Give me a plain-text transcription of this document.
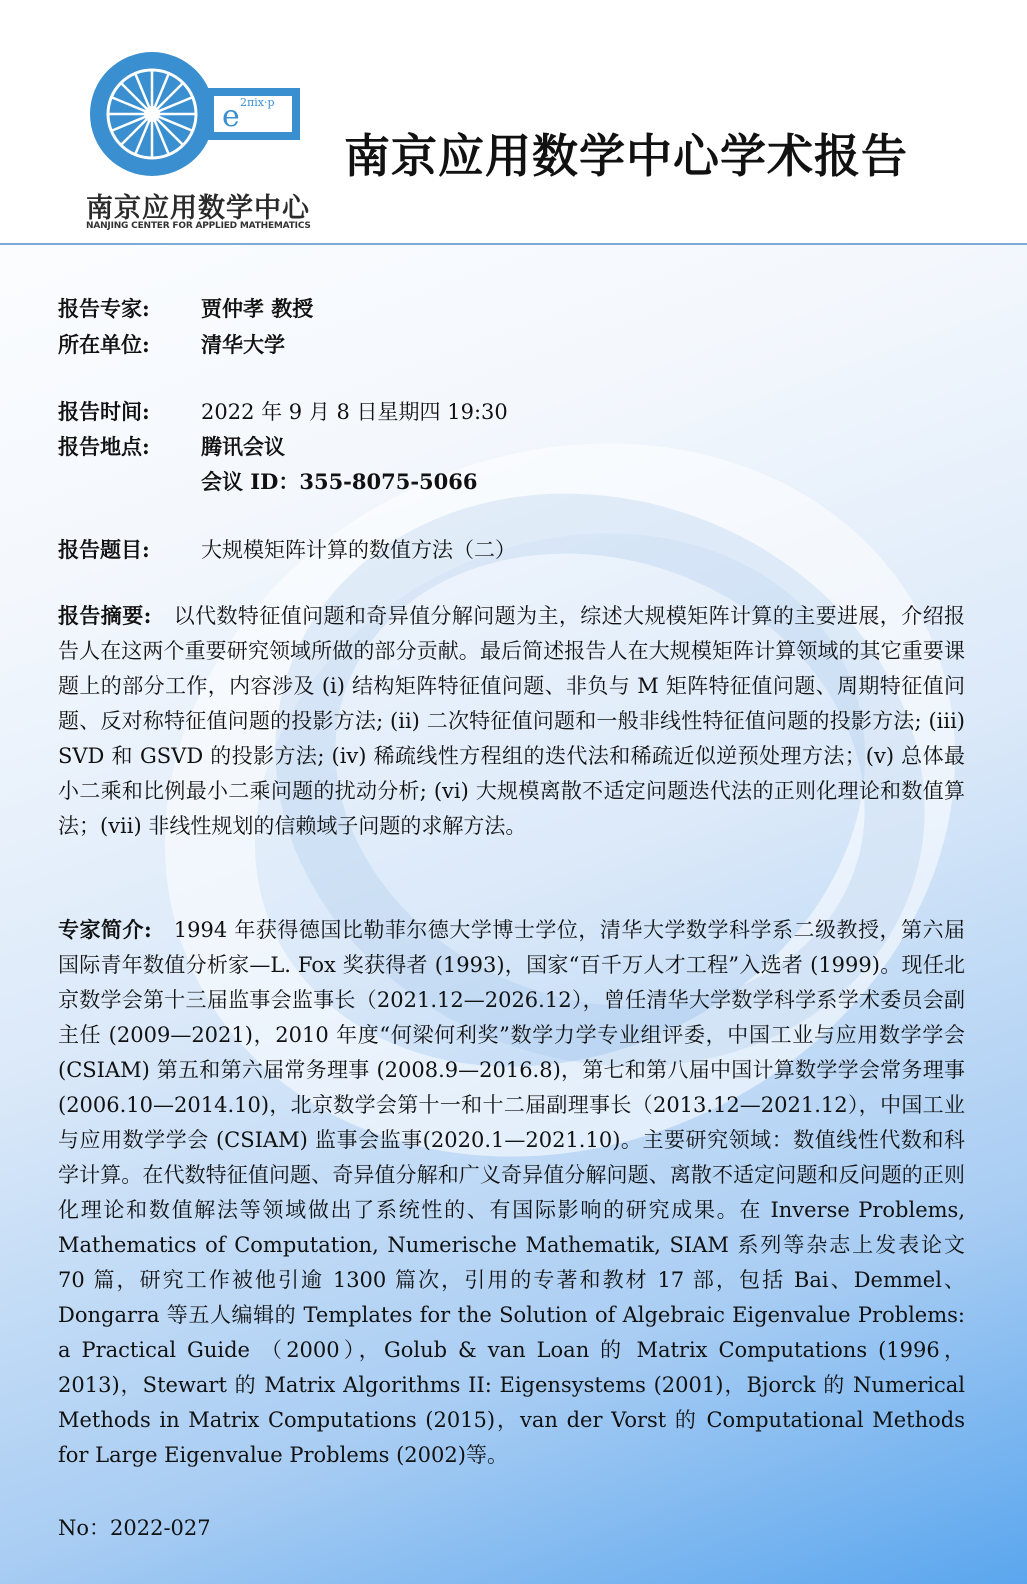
e 2πix·p
南京应用数学中心
NANJING CENTER FOR APPLIED MATHEMATICS
南京应用数学中心学术报告
报告专家: 贾仲孝 教授
所在单位: 清华大学
报告时间: 2022 年 9 月 8 日星期四 19:30
报告地点: 腾讯会议
会议 ID：355-8075-5066
报告题目: 大规模矩阵计算的数值方法（二）
报告摘要: 以代数特征值问题和奇异值分解问题为主，综述大规模矩阵计算的主要进展，介绍报告人在这两个重要研究领域所做的部分贡献。最后简述报告人在大规模矩阵计算领域的其它重要课题上的部分工作，内容涉及 (i) 结构矩阵特征值问题、非负与 M 矩阵特征值问题、周期特征值问题、反对称特征值问题的投影方法; (ii) 二次特征值问题和一般非线性特征值问题的投影方法; (iii) SVD 和 GSVD 的投影方法; (iv) 稀疏线性方程组的迭代法和稀疏近似逆预处理方法；(v) 总体最小二乘和比例最小二乘问题的扰动分析; (vi) 大规模离散不适定问题迭代法的正则化理论和数值算法；(vii) 非线性规划的信赖域子问题的求解方法。
专家简介: 1994 年获得德国比勒菲尔德大学博士学位，清华大学数学科学系二级教授，第六届国际青年数值分析家—L. Fox 奖获得者 (1993)，国家“百千万人才工程”入选者 (1999)。现任北京数学会第十三届监事会监事长（2021.12—2026.12），曾任清华大学数学科学系学术委员会副主任 (2009—2021)，2010 年度“何梁何利奖”数学力学专业组评委，中国工业与应用数学学会 (CSIAM) 第五和第六届常务理事 (2008.9—2016.8)，第七和第八届中国计算数学学会常务理事(2006.10—2014.10)，北京数学会第十一和十二届副理事长（2013.12—2021.12），中国工业与应用数学学会 (CSIAM) 监事会监事(2020.1—2021.10)。主要研究领域：数值线性代数和科学计算。在代数特征值问题、奇异值分解和广义奇异值分解问题、离散不适定问题和反问题的正则化理论和数值解法等领域做出了系统性的、有国际影响的研究成果。在 Inverse Problems, Mathematics of Computation, Numerische Mathematik, SIAM 系列等杂志上发表论文 70 篇，研究工作被他引逾 1300 篇次，引用的专著和教材 17 部，包括 Bai、Demmel、Dongarra 等五人编辑的 Templates for the Solution of Algebraic Eigenvalue Problems: a Practical Guide （2000），Golub & van Loan 的 Matrix Computations (1996，2013)，Stewart 的 Matrix Algorithms II: Eigensystems (2001)，Bjorck 的 Numerical Methods in Matrix Computations (2015)，van der Vorst 的 Computational Methods for Large Eigenvalue Problems (2002)等。
No：2022-027
